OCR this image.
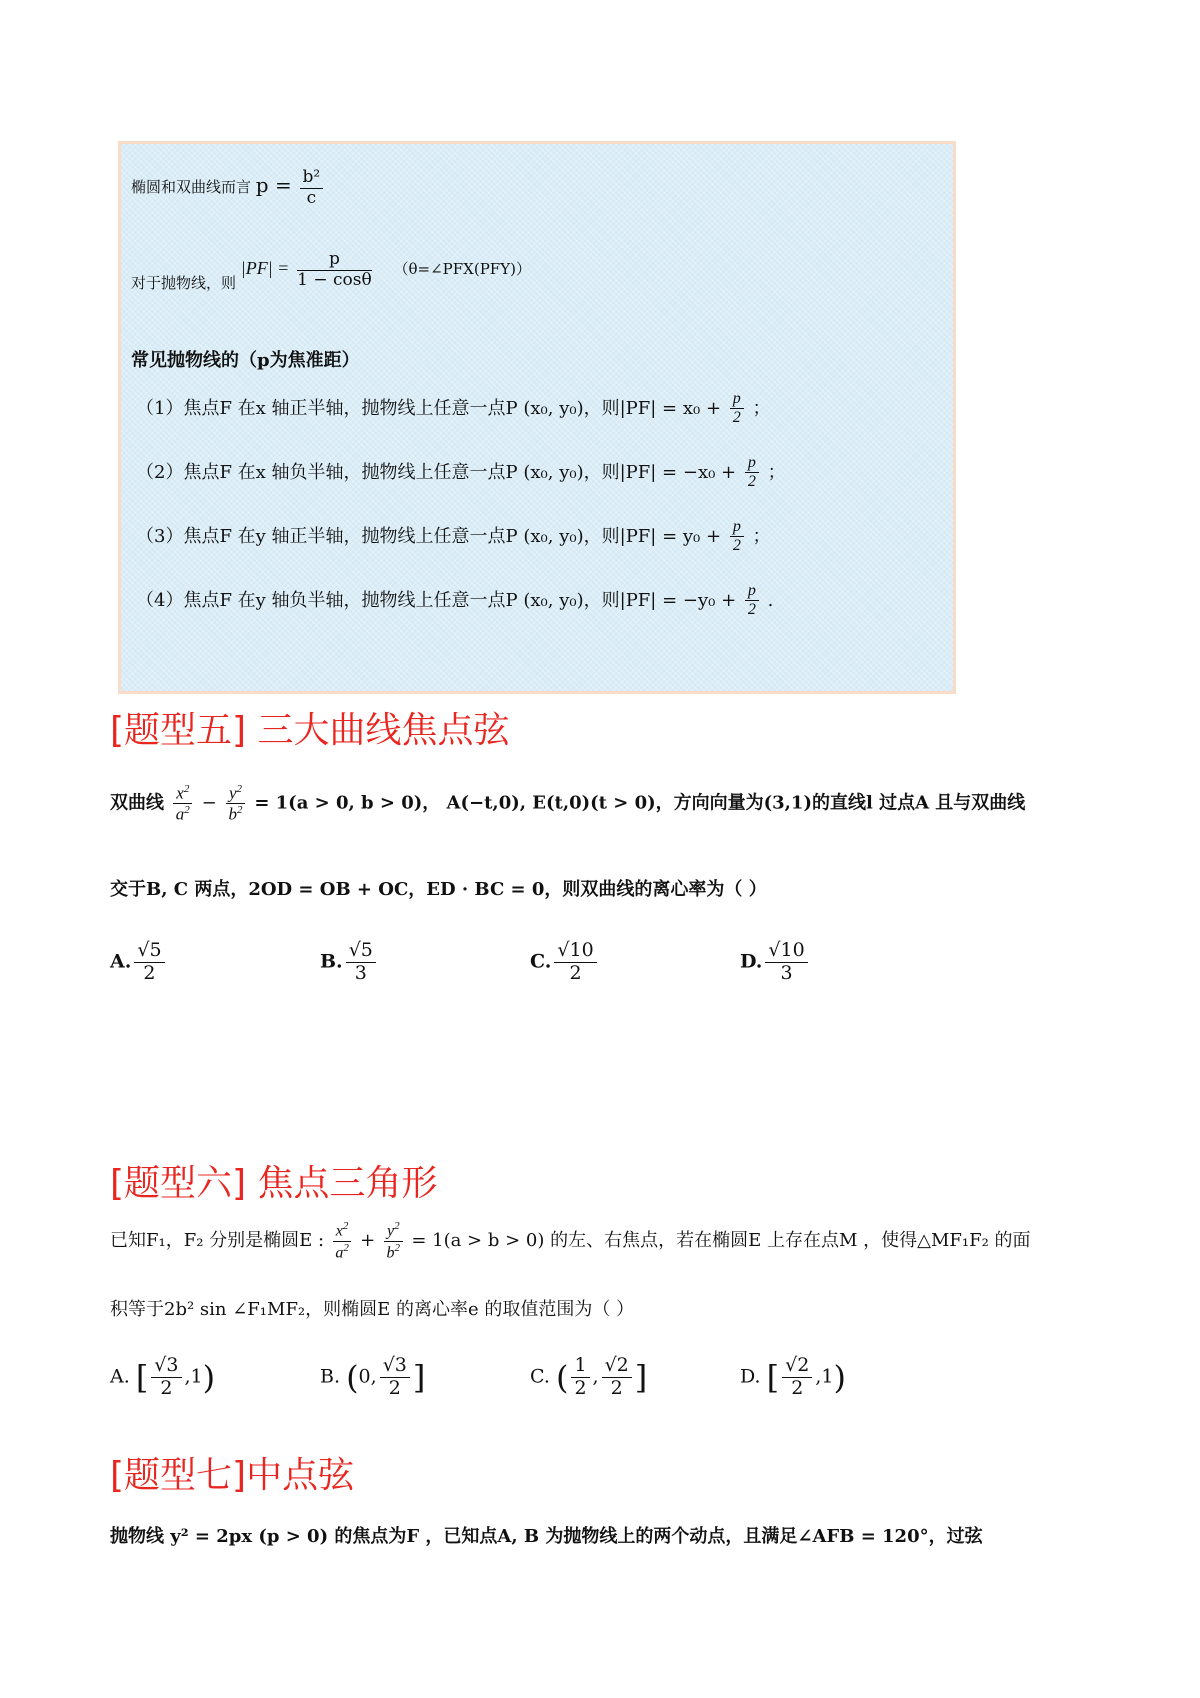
椭圆和双曲线而言 $p = \frac{\text{b²}}{c}$
对于抛物线，则 $|PF| = \frac{p}{1 - \cos\theta}$ （θ=∠PFX(PFY)）
常见抛物线的（p为焦准距）
（1）焦点F 在x 轴正半轴，抛物线上任意一点P (x₀, y₀)，则$|PF| = x_0 + \frac{p}{2}$ ；
（2）焦点F 在x 轴负半轴，抛物线上任意一点P (x₀, y₀)，则$|PF| = -x_0 + \frac{p}{2}$ ；
（3）焦点F 在y 轴正半轴，抛物线上任意一点P (x₀, y₀)，则$|PF| = y_0 + \frac{p}{2}$ ；
（4）焦点F 在y 轴负半轴，抛物线上任意一点P (x₀, y₀)，则$|PF| = -y_0 + \frac{p}{2}$ .
[题型五] 三大曲线焦点弦
双曲线 $\frac{x^2}{a^2} - \frac{y^2}{b^2} = 1(a > 0$, b > 0)， A(−t,0), E(t,0)(t > 0)，方向向量为(3,1)的直线l 过点A 且与双曲线
交于B, C 两点，2OD = OB + OC，ED · BC = 0，则双曲线的离心率为（ ）
A. $\frac{√5}{2}$	B. $\frac{√5}{3}$	C. $\frac{√10}{2}$	D. $\frac{√10}{3}$
[题型六] 焦点三角形
已知F₁，F₂ 分别是椭圆E : $\frac{x^2}{a^2} + \frac{y^2}{b^2} = 1(a > b > 0)$ 的左、右焦点，若在椭圆E 上存在点M ，使得△MF₁F₂ 的面
积等于2b² sin ∠F₁MF₂，则椭圆E 的离心率e 的取值范围为（ ）
A. [ $\frac{√3}{2} ,1$)	B. (0, $\frac{√3}{2}$ ]	C. ( $\frac{1}{2}$ , $\frac{√2}{2}$ ]	D. [ $\frac{√2}{2} ,1$)
[题型七]中点弦
抛物线 y² = 2px (p > 0) 的焦点为F ，已知点A, B 为抛物线上的两个动点，且满足∠AFB = 120°，过弦
